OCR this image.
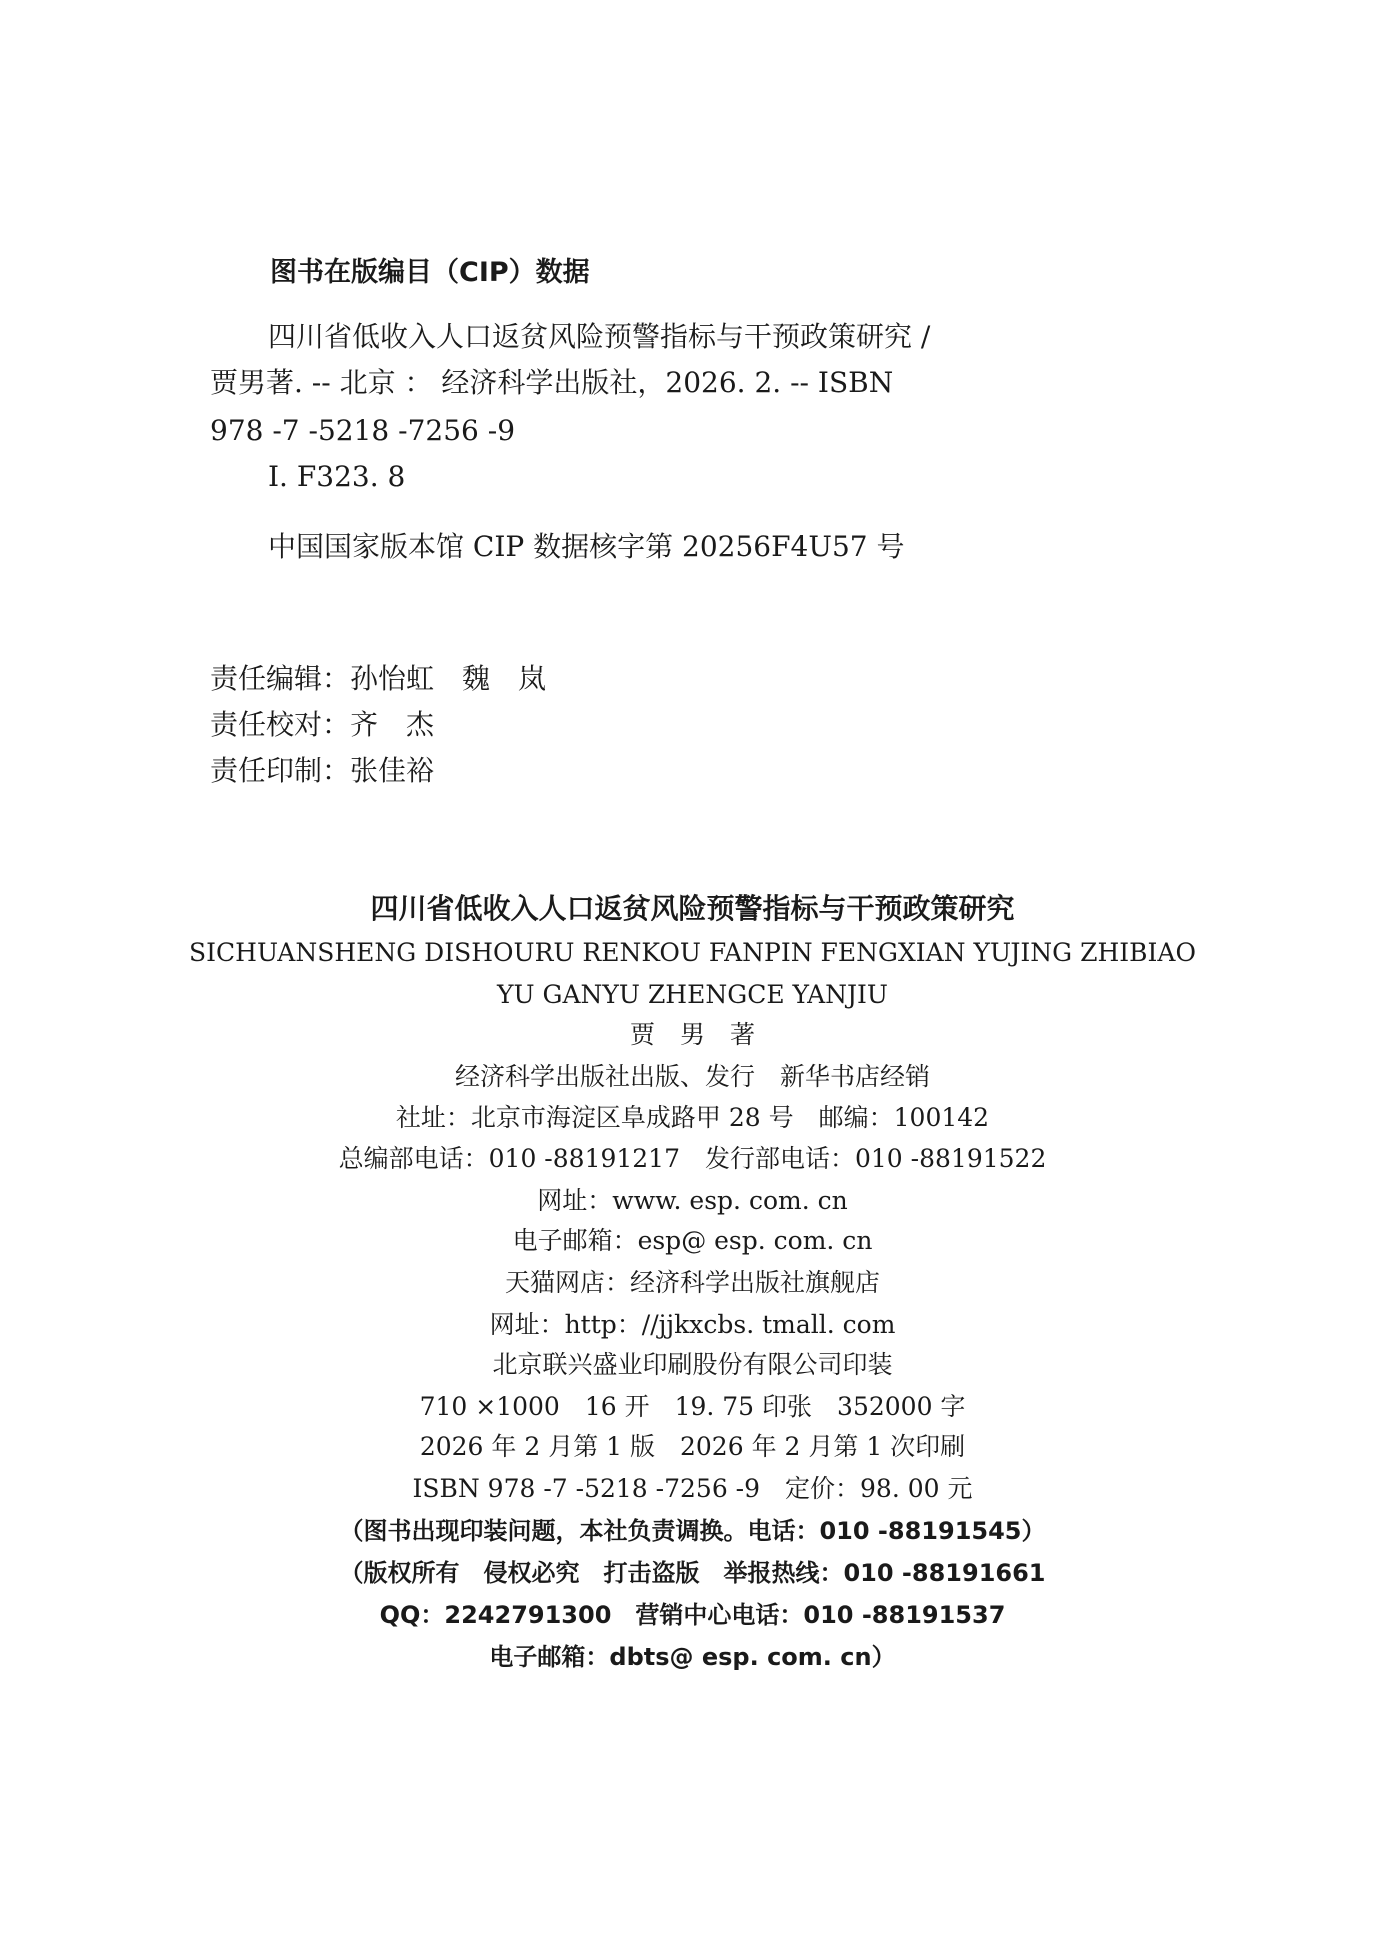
图书在版编目（CIP）数据
四川省低收入人口返贫风险预警指标与干预政策研究 /
贾男著. -- 北京 ： 经济科学出版社，2026. 2. -- ISBN
978 -7 -5218 -7256 -9
Ⅰ. F323. 8
中国国家版本馆 CIP 数据核字第 20256F4U57 号
责任编辑：孙怡虹　魏　岚
责任校对：齐　杰
责任印制：张佳裕
四川省低收入人口返贫风险预警指标与干预政策研究
SICHUANSHENG DISHOURU RENKOU FANPIN FENGXIAN YUJING ZHIBIAO
YU GANYU ZHENGCE YANJIU
贾　男　著
经济科学出版社出版、发行　新华书店经销
社址：北京市海淀区阜成路甲 28 号　邮编：100142
总编部电话：010 -88191217　发行部电话：010 -88191522
网址：www. esp. com. cn
电子邮箱：esp@ esp. com. cn
天猫网店：经济科学出版社旗舰店
网址：http：//jjkxcbs. tmall. com
北京联兴盛业印刷股份有限公司印装
710 ×1000　16 开　19. 75 印张　352000 字
2026 年 2 月第 1 版　2026 年 2 月第 1 次印刷
ISBN 978 -7 -5218 -7256 -9　定价：98. 00 元
（图书出现印装问题，本社负责调换。电话：010 -88191545）
（版权所有　侵权必究　打击盗版　举报热线：010 -88191661
QQ：2242791300　营销中心电话：010 -88191537
电子邮箱：dbts@ esp. com. cn）
